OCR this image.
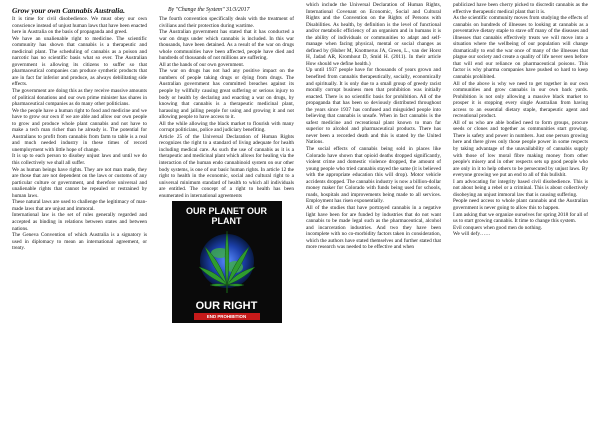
Grow your own Cannabis Australia.	By "Change the System" 31/3/2017

It is time for civil disobedience. We must obey our own conscience instead of unjust human laws that have been enacted here in Australia on the basis of propaganda and greed.

We have an unalienable right to medicine. The scientific community has shown that cannabis is a therapeutic and medicinal plant. The scheduling of cannabis as a poison and narcotic has no scientific basis what so ever. The Australian government is allowing its citizens to suffer so that pharmaceutical companies can produce synthetic products that are in fact far inferior and produce, as always debilitating side effects.

The government are doing this as they receive massive amounts of political donations and our own prime minister has shares in pharmaceutical companies as do many other politicians.

We the people have a human right to food and medicine and we have to grow our own if we are able and allow our own people to grow and produce whole plant cannabis and not have to make a tech man richer than he already is. The potential for Australians to profit from cannabis from farm to table is a real and much needed industry in these times of record unemployment with little hope of change.

It is up to each person to disobey unjust laws and until we do this collectively we shall all suffer.

We as human beings have rights. They are not man made, they are those that are not dependent on the laws or customs of any particular culture or government, and therefore universal and unalienable rights that cannot be repealed or restrained by human laws.

These natural laws are used to challenge the legitimacy of man-made laws that are unjust and immoral.

International law is the set of rules generally regarded and accepted as binding in relations between states and between nations.

The Geneva Convention of which Australia is a signatory is used in diplomacy to mean an international agreement, or treaty.

The fourth convention specifically deals with the treatment of civilians and their protection during wartime.

The Australian government has stated that it has conducted a war on drugs under which cannabis is included. In this war thousands, have been detained. As a result of the war on drugs whole communities have been affected, people have died and hundreds of thousands of not millions are suffering.

All at the hands of our own government.

The war on drugs has not had any positive impact on the numbers of people taking drugs or dying from drugs. The Australian government has committed breaches against its people by willfully causing great suffering or serious injury to body or health by declaring and enacting a war on drugs, by knowing that cannabis is a therapeutic medicinal plant, harassing and jailing people for using and growing it and not allowing people to have access to it.

All the while allowing the black market to flourish with many corrupt politicians, police and judiciary benefiting.

Article 25 of the Universal Declaration of Human Rights recognizes the right to a standard of living adequate for health including medical care. As such the use of cannabis as it is a therapeutic and medicinal plant which allows for healing via the interaction of the human endo cannabinoid system on our other body systems, is one of our basic human rights. In article 12 the right to health in the economic, social and cultural right to a universal minimum standard of health to which all individuals are entitled. The concept of a right to health has been enumerated in international agreements

OUR PLANET OUR PLANT
OUR RIGHT
END PROHIBITION

which include the Universal Declaration of Human Rights, International Covenant on Economic, Social and Cultural Rights and the Convention on the Rights of Persons with Disabilities. As health, by definition is the level of functional and/or metabolic efficiency of an organism and in humans it is the ability of individuals or communities to adapt and self-manage when facing physical, mental or social changes as defined by (Huber M, Knottnerus JA, Green, L., van der Horst H, Jadad AR, Kromhout D, Smid H. (2011). In their article How should we define health.)

Up until 1937 people have for thousands of years grown and benefited from cannabis therapeutically, socially, economically and spiritually. It is only due to a small group of greedy racist morally corrupt business men that prohibition was initially enacted. There is no scientific basis for prohibition. All of the propaganda that has been so deviously distributed throughout the years since 1937 has confused and misguided people into believing that cannabis is unsafe. When in fact cannabis is the safest medicine and recreational plant known to man far superior to alcohol and pharmaceutical products. There has never been a recorded death and this is stated by the United Nations.

The social effects of cannabis being sold in places like Colorado have shown that opioid deaths dropped significantly, violent crime and domestic violence dropped, the amount of young people who tried cannabis stayed the same (it is believed with the appropriate education this will drop). Motor vehicle accidents dropped. The cannabis industry is now a billion-dollar money maker for Colorado with funds being used for schools, roads, hospitals and improvements being made to all services. Employment has risen exponentially.

All of the studies that have portrayed cannabis in a negative light have been for are funded by industries that do not want cannabis to be made legal such as the pharmaceutical, alcohol and incarceration industries. And two they have been incomplete with no co-morbidity factors taken in consideration, which the authors have stated themselves and further stated that more research was needed to be effective and when

publicized have been cherry picked to discredit cannabis as the effective therapeutic medical plant that it is.

As the scientific community moves from studying the effects of cannabis on hundreds of illnesses to looking at cannabis as a preventative dietary staple to stave off many of the diseases and illnesses that cannabis effectively treats we will move into a situation where the wellbeing of our population will change dramatically to end the war once of many of the illnesses that plague our society and create a quality of life never seen before that will end our reliance on pharmaceutical poisons. This factor is why pharma companies have pushed so hard to keep cannabis prohibited.

All of the above is why we need to get together in our own communities and grow cannabis in our own back yards. Prohibition is not only allowing a massive black market to prosper it is stopping every single Australian from having access to an essential dietary staple, therapeutic agent and recreational product.

All of us who are able bodied need to form groups, procure seeds or clones and together as communities start growing. There is safety and power in numbers. Just one person growing here and there gives only those people power in some respects by taking advantage of the unavailability of cannabis supply with those of low moral fibre making money from other people's misery and in other respects sets up good people who are only in it to help others to be persecuted by unjust laws. By everyone growing we put an end to all of this bullshit.

I am advocating for integrity based civil disobedience. This is not about being a rebel or a criminal. This is about collectively disobeying an unjust immoral law that is causing suffering.

People need access to whole plant cannabis and the Australian government is never going to allow this to happen.

I am asking that we organize ourselves for spring 2018 for all of us to start growing cannabis. It time to change this system.

Evil conquers when good men do nothing.

We will defy……
